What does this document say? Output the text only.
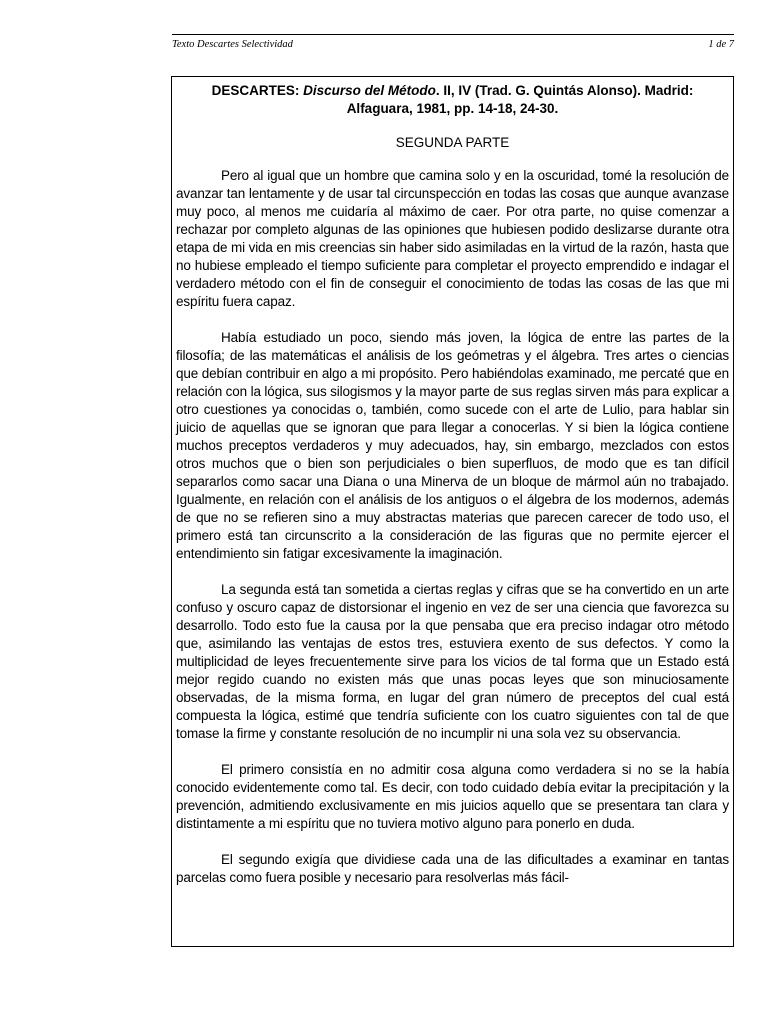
Texto Descartes Selectividad	1 de 7
DESCARTES: Discurso del Método. II, IV (Trad. G. Quintás Alonso). Madrid: Alfaguara, 1981, pp. 14-18, 24-30.
SEGUNDA PARTE

Pero al igual que un hombre que camina solo y en la oscuridad, tomé la resolución de avanzar tan lentamente y de usar tal circunspección en todas las cosas que aunque avanzase muy poco, al menos me cuidaría al máximo de caer. Por otra parte, no quise comenzar a rechazar por completo algunas de las opiniones que hubiesen podido deslizarse durante otra etapa de mi vida en mis creencias sin haber sido asimiladas en la virtud de la razón, hasta que no hubiese empleado el tiempo suficiente para completar el proyecto emprendido e indagar el verdadero método con el fin de conseguir el conocimiento de todas las cosas de las que mi espíritu fuera capaz.

Había estudiado un poco, siendo más joven, la lógica de entre las partes de la filosofía; de las matemáticas el análisis de los geómetras y el álgebra. Tres artes o ciencias que debían contribuir en algo a mi propósito. Pero habiéndolas examinado, me percaté que en relación con la lógica, sus silogismos y la mayor parte de sus reglas sirven más para explicar a otro cuestiones ya conocidas o, también, como sucede con el arte de Lulio, para hablar sin juicio de aquellas que se ignoran que para llegar a conocerlas. Y si bien la lógica contiene muchos preceptos verdaderos y muy adecuados, hay, sin embargo, mezclados con estos otros muchos que o bien son perjudiciales o bien superfluos, de modo que es tan difícil separarlos como sacar una Diana o una Minerva de un bloque de mármol aún no trabajado. Igualmente, en relación con el análisis de los antiguos o el álgebra de los modernos, además de que no se refieren sino a muy abstractas materias que parecen carecer de todo uso, el primero está tan circunscrito a la consideración de las figuras que no permite ejercer el entendimiento sin fatigar excesivamente la imaginación.

La segunda está tan sometida a ciertas reglas y cifras que se ha convertido en un arte confuso y oscuro capaz de distorsionar el ingenio en vez de ser una ciencia que favorezca su desarrollo. Todo esto fue la causa por la que pensaba que era preciso indagar otro método que, asimilando las ventajas de estos tres, estuviera exento de sus defectos. Y como la multiplicidad de leyes frecuentemente sirve para los vicios de tal forma que un Estado está mejor regido cuando no existen más que unas pocas leyes que son minuciosamente observadas, de la misma forma, en lugar del gran número de preceptos del cual está compuesta la lógica, estimé que tendría suficiente con los cuatro siguientes con tal de que tomase la firme y constante resolución de no incumplir ni una sola vez su observancia.

El primero consistía en no admitir cosa alguna como verdadera si no se la había conocido evidentemente como tal. Es decir, con todo cuidado debía evitar la precipitación y la prevención, admitiendo exclusivamente en mis juicios aquello que se presentara tan clara y distintamente a mi espíritu que no tuviera motivo alguno para ponerlo en duda.

El segundo exigía que dividiese cada una de las dificultades a examinar en tantas parcelas como fuera posible y necesario para resolverlas más fácil-
